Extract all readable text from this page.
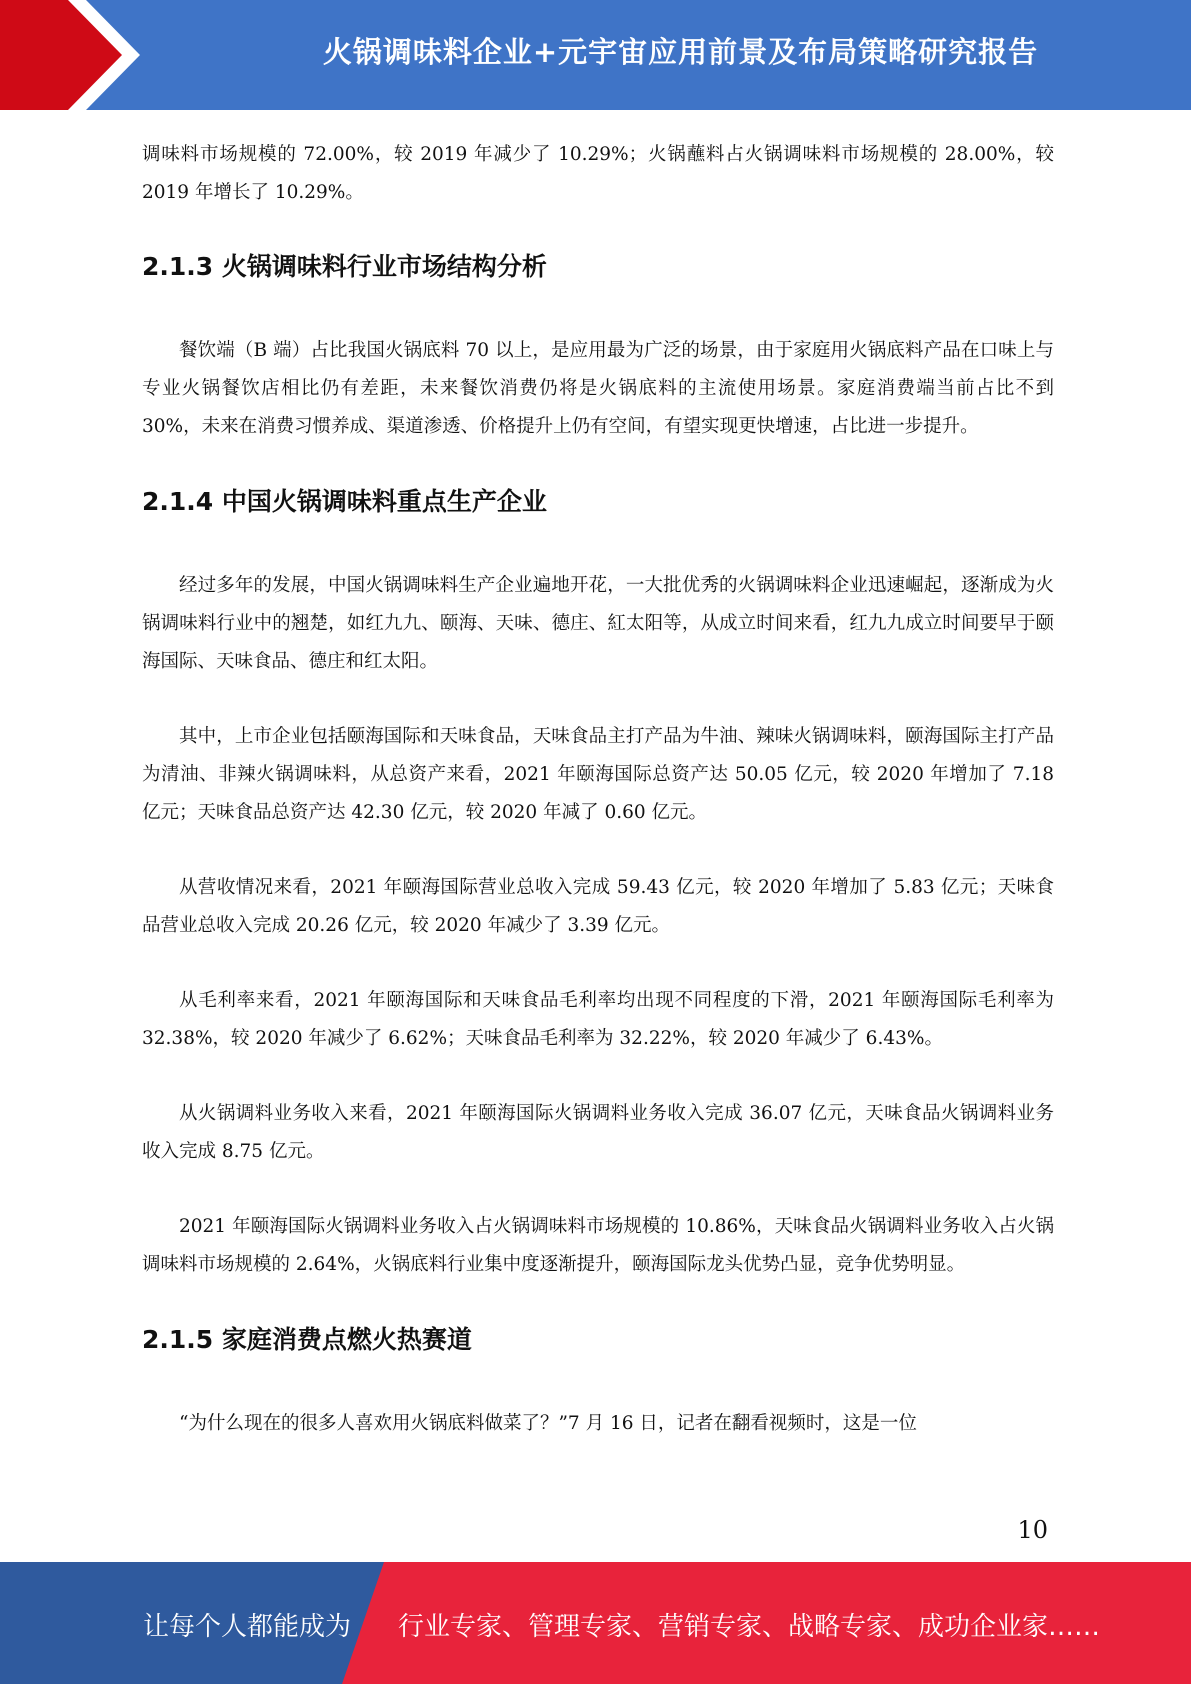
火锅调味料企业+元宇宙应用前景及布局策略研究报告

调味料市场规模的 72.00%，较 2019 年减少了 10.29%；火锅蘸料占火锅调味料市场规模的 28.00%，较 2019 年增长了 10.29%。

2.1.3 火锅调味料行业市场结构分析

餐饮端（B 端）占比我国火锅底料 70 以上，是应用最为广泛的场景，由于家庭用火锅底料产品在口味上与专业火锅餐饮店相比仍有差距，未来餐饮消费仍将是火锅底料的主流使用场景。家庭消费端当前占比不到 30%，未来在消费习惯养成、渠道渗透、价格提升上仍有空间，有望实现更快增速，占比进一步提升。

2.1.4 中国火锅调味料重点生产企业

经过多年的发展，中国火锅调味料生产企业遍地开花，一大批优秀的火锅调味料企业迅速崛起，逐渐成为火锅调味料行业中的翘楚，如红九九、颐海、天味、德庄、紅太阳等，从成立时间来看，红九九成立时间要早于颐海国际、天味食品、德庄和红太阳。

其中，上市企业包括颐海国际和天味食品，天味食品主打产品为牛油、辣味火锅调味料，颐海国际主打产品为清油、非辣火锅调味料，从总资产来看，2021 年颐海国际总资产达 50.05 亿元，较 2020 年增加了 7.18 亿元；天味食品总资产达 42.30 亿元，较 2020 年减了 0.60 亿元。

从营收情况来看，2021 年颐海国际营业总收入完成 59.43 亿元，较 2020 年增加了 5.83 亿元；天味食品营业总收入完成 20.26 亿元，较 2020 年减少了 3.39 亿元。

从毛利率来看，2021 年颐海国际和天味食品毛利率均出现不同程度的下滑，2021 年颐海国际毛利率为 32.38%，较 2020 年减少了 6.62%；天味食品毛利率为 32.22%，较 2020 年减少了 6.43%。

从火锅调料业务收入来看，2021 年颐海国际火锅调料业务收入完成 36.07 亿元，天味食品火锅调料业务收入完成 8.75 亿元。

2021 年颐海国际火锅调料业务收入占火锅调味料市场规模的 10.86%，天味食品火锅调料业务收入占火锅调味料市场规模的 2.64%，火锅底料行业集中度逐渐提升，颐海国际龙头优势凸显，竞争优势明显。

2.1.5 家庭消费点燃火热赛道

“为什么现在的很多人喜欢用火锅底料做菜了？”7 月 16 日，记者在翻看视频时，这是一位

10
让每个人都能成为 行业专家、管理专家、营销专家、战略专家、成功企业家……
